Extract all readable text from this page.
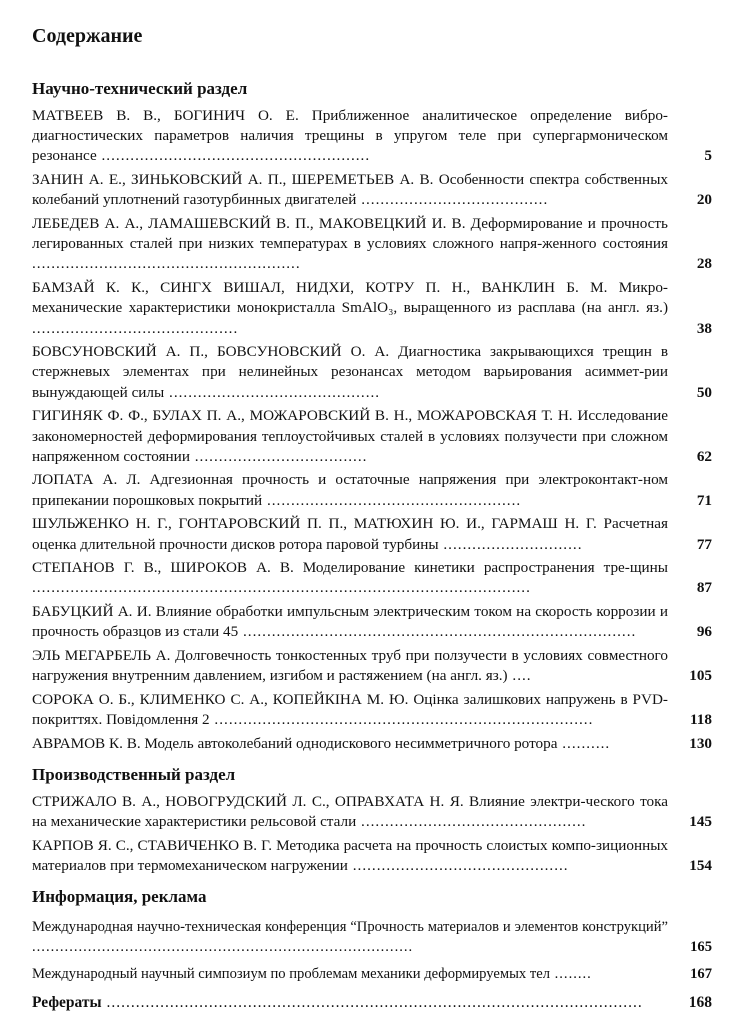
Содержание
Научно-технический раздел
МАТВЕЕВ В. В., БОГИНИЧ О. Е. Приближенное аналитическое определение вибро-диагностических параметров наличия трещины в упругом теле при супергармоническом резонансе ........................................................	5
ЗАНИН А. Е., ЗИНЬКОВСКИЙ А. П., ШЕРЕМЕТЬЕВ А. В. Особенности спектра собственных колебаний уплотнений газотурбинных двигателей .......................................	20
ЛЕБЕДЕВ А. А., ЛАМАШЕВСКИЙ В. П., МАКОВЕЦКИЙ И. В. Деформирование и прочность легированных сталей при низких температурах в условиях сложного напря-женного состояния ........................................................	28
БАМЗАЙ К. К., СИНГХ ВИШАЛ, НИДХИ, КОТРУ П. Н., ВАНКЛИН Б. М. Микро-механические характеристики монокристалла SmAlO₃, выращенного из расплава (на англ. яз.) ...........................................	38
БОВСУНОВСКИЙ А. П., БОВСУНОВСКИЙ О. А. Диагностика закрывающихся трещин в стержневых элементах при нелинейных резонансах методом варьирования асиммет-рии вынуждающей силы ............................................	50
ГИГИНЯК Ф. Ф., БУЛАХ П. А., МОЖАРОВСКИЙ В. Н., МОЖАРОВСКАЯ Т. Н. Исследование закономерностей деформирования теплоустойчивых сталей в условиях ползучести при сложном напряженном состоянии ....................................	62
ЛОПАТА А. Л. Адгезионная прочность и остаточные напряжения при электроконтакт-ном припекании порошковых покрытий .....................................................	71
ШУЛЬЖЕНКО Н. Г., ГОНТАРОВСКИЙ П. П., МАТЮХИН Ю. И., ГАРМАШ Н. Г. Расчетная оценка длительной прочности дисков ротора паровой турбины .............................	77
СТЕПАНОВ Г. В., ШИРОКОВ А. В. Моделирование кинетики распространения тре-щины ........................................................................................................	87
БАБУЦКИЙ А. И. Влияние обработки импульсным электрическим током на скорость коррозии и прочность образцов из стали 45 ..................................................................................	96
ЭЛЬ МЕГАРБЕЛЬ А. Долговечность тонкостенных труб при ползучести в условиях совместного нагружения внутренним давлением, изгибом и растяжением (на англ. яз.) ....	105
СОРОКА О. Б., КЛИМЕНКО С. А., КОПЕЙКІНА М. Ю. Оцінка залишкових напружень в PVD-покриттях. Повідомлення 2 ...............................................................................	118
АВРАМОВ К. В. Модель автоколебаний однодискового несимметричного ротора ..........	130
Производственный раздел
СТРИЖАЛО В. А., НОВОГРУДСКИЙ Л. С., ОПРАВХАТА Н. Я. Влияние электри-ческого тока на механические характеристики рельсовой стали ...............................................	145
КАРПОВ Я. С., СТАВИЧЕНКО В. Г. Методика расчета на прочность слоистых компо-зиционных материалов при термомеханическом нагружении .............................................	154
Информация, реклама
Международная научно-техническая конференция “Прочность материалов и элементов конструкций” ..................................................................................	165
Международный научный симпозиум по проблемам механики деформируемых тел ........	167
Рефераты ..............................................................................................................	168
